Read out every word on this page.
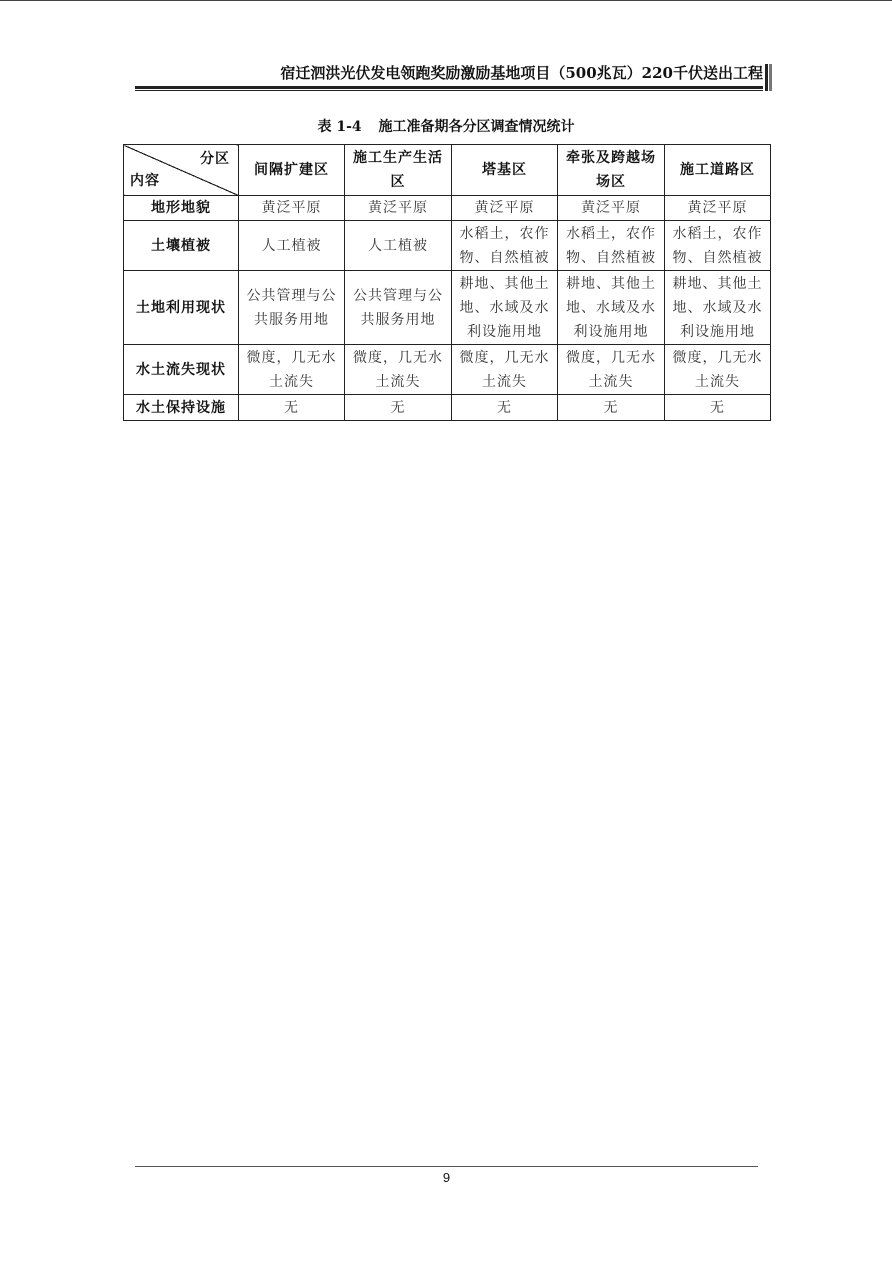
宿迁泗洪光伏发电领跑奖励激励基地项目（500兆瓦）220千伏送出工程
表 1-4 施工准备期各分区调查情况统计
分区
内容	间隔扩建区	施工生产生活区	塔基区	牵张及跨越场场区	施工道路区
地形地貌	黄泛平原	黄泛平原	黄泛平原	黄泛平原	黄泛平原
土壤植被	人工植被	人工植被	水稻土，农作物、自然植被	水稻土，农作物、自然植被	水稻土，农作物、自然植被
土地利用现状	公共管理与公共服务用地	公共管理与公共服务用地	耕地、其他土地、水域及水利设施用地	耕地、其他土地、水域及水利设施用地	耕地、其他土地、水域及水利设施用地
水土流失现状	微度，几无水土流失	微度，几无水土流失	微度，几无水土流失	微度，几无水土流失	微度，几无水土流失
水土保持设施	无	无	无	无	无
9
